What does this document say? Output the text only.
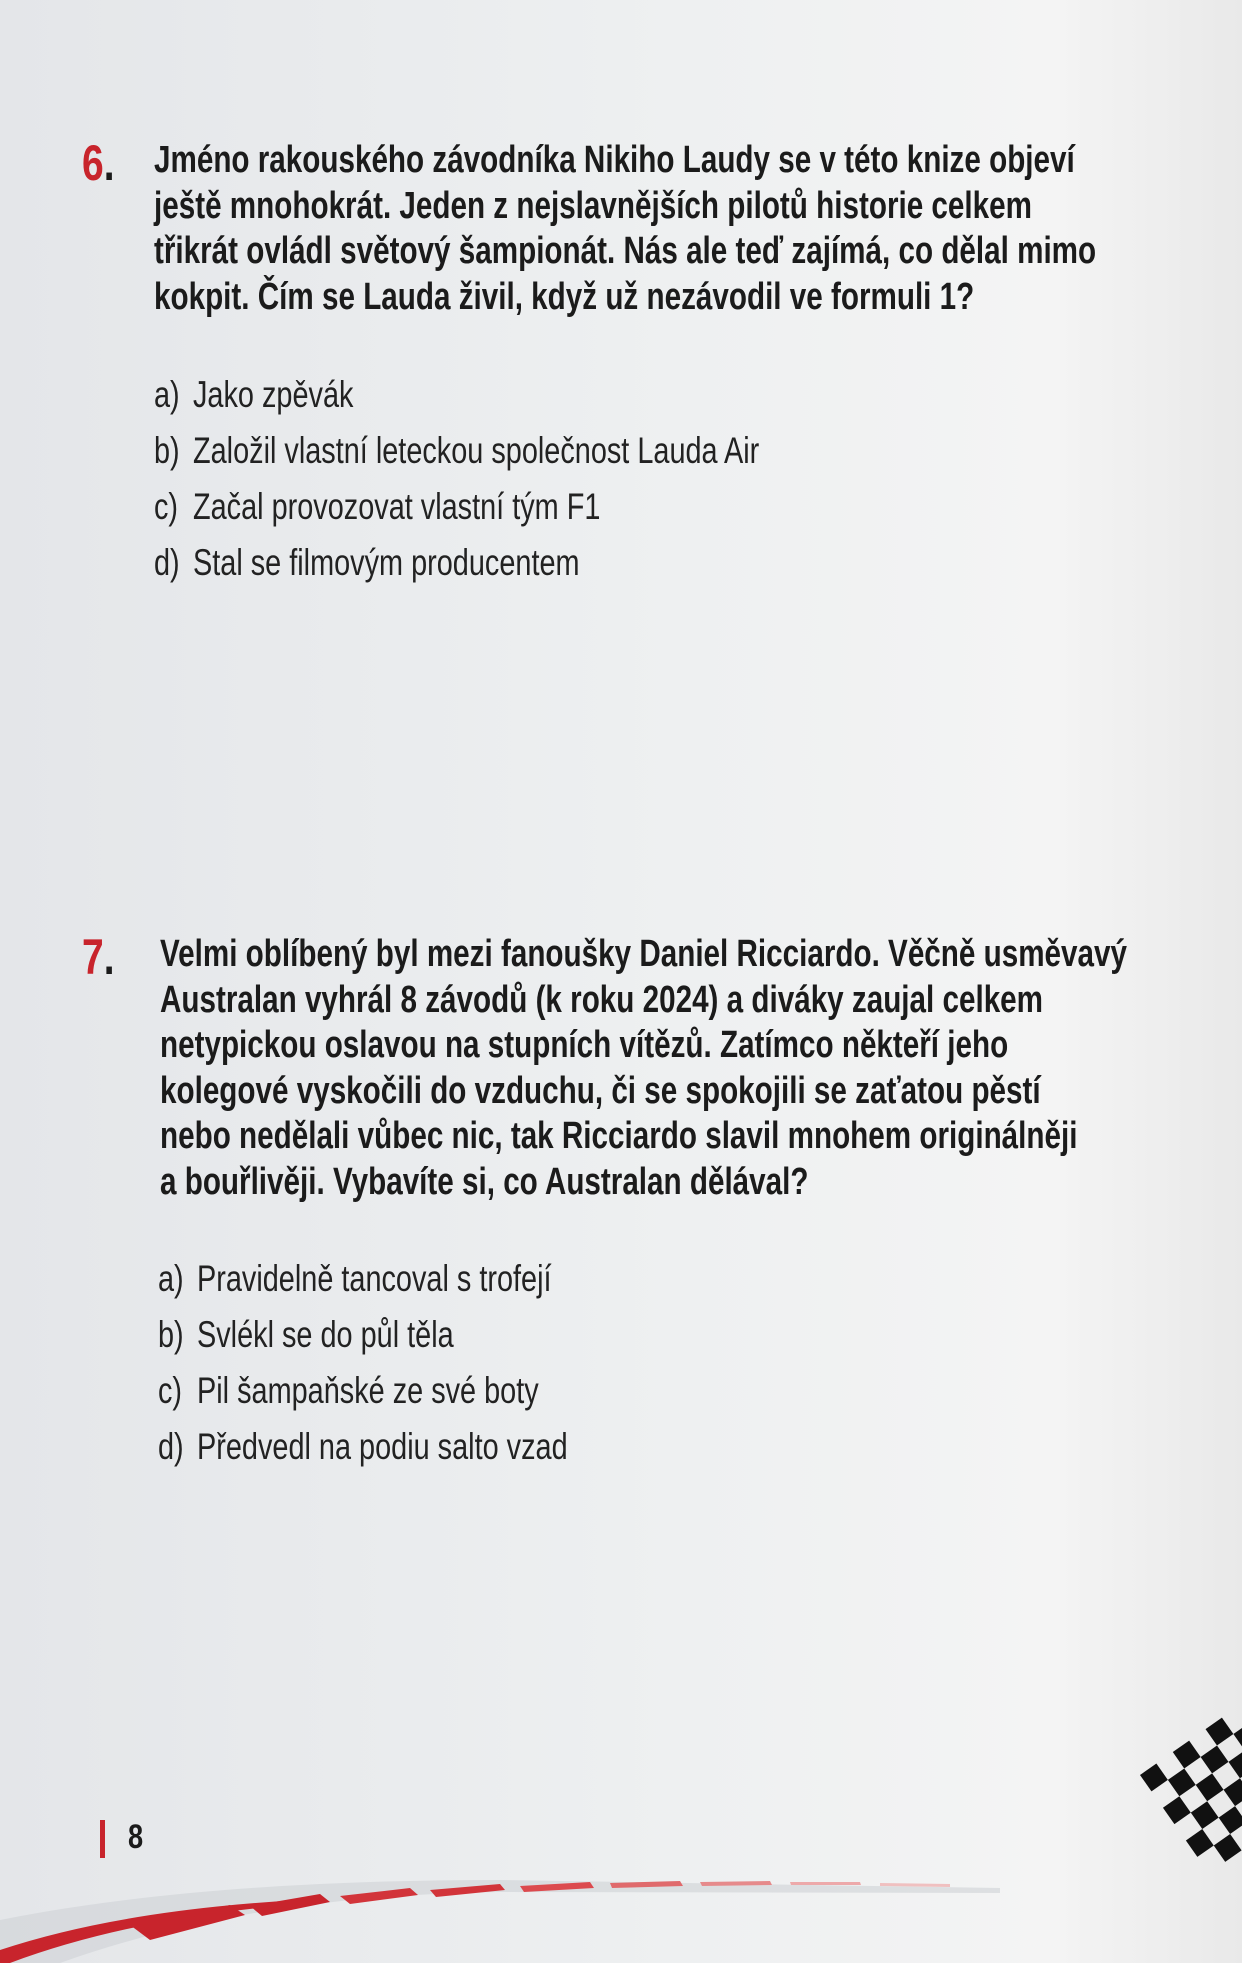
6. Jméno rakouského závodníka Nikiho Laudy se v této knize objeví
ještě mnohokrát. Jeden z nejslavnějších pilotů historie celkem
třikrát ovládl světový šampionát. Nás ale teď zajímá, co dělal mimo
kokpit. Čím se Lauda živil, když už nezávodil ve formuli 1?
a) Jako zpěvák
b) Založil vlastní leteckou společnost Lauda Air
c) Začal provozovat vlastní tým F1
d) Stal se filmovým producentem
7. Velmi oblíbený byl mezi fanoušky Daniel Ricciardo. Věčně usměvavý
Australan vyhrál 8 závodů (k roku 2024) a diváky zaujal celkem
netypickou oslavou na stupních vítězů. Zatímco někteří jeho
kolegové vyskočili do vzduchu, či se spokojili se zaťatou pěstí
nebo nedělali vůbec nic, tak Ricciardo slavil mnohem originálněji
a bouřlivěji. Vybavíte si, co Australan dělával?
a) Pravidelně tancoval s trofejí
b) Svlékl se do půl těla
c) Pil šampaňské ze své boty
d) Předvedl na podiu salto vzad
8
